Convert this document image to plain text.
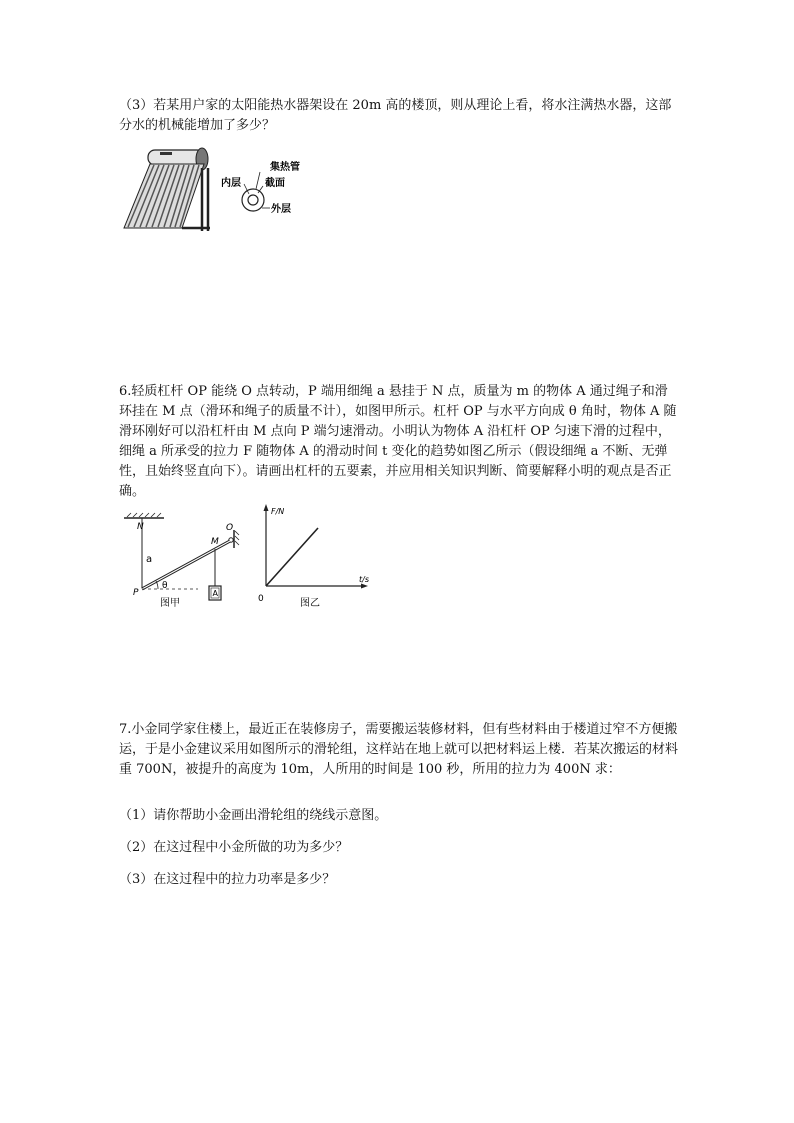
（3）若某用户家的太阳能热水器架设在 20m 高的楼顶，则从理论上看，将水注满热水器，这部分水的机械能增加了多少？

集热管
截面
内层
外层

6.轻质杠杆 OP 能绕 O 点转动，P 端用细绳 a 悬挂于 N 点，质量为 m 的物体 A 通过绳子和滑环挂在 M 点（滑环和绳子的质量不计），如图甲所示。杠杆 OP 与水平方向成 θ 角时，物体 A 随滑环刚好可以沿杠杆由 M 点向 P 端匀速滑动。小明认为物体 A 沿杠杆 OP 匀速下滑的过程中，细绳 a 所承受的拉力 F 随物体 A 的滑动时间 t 变化的趋势如图乙所示（假设细绳 a 不断、无弹性，且始终竖直向下）。请画出杠杆的五要素，并应用相关知识判断、简要解释小明的观点是否正确。

N	O
M
P
a
θ
A
图甲
F/N
t/s
0	图乙

7.小金同学家住楼上，最近正在装修房子，需要搬运装修材料，但有些材料由于楼道过窄不方便搬运，于是小金建议采用如图所示的滑轮组，这样站在地上就可以把材料运上楼．若某次搬运的材料重 700N，被提升的高度为 10m，人所用的时间是 100 秒，所用的拉力为 400N 求：

（1）请你帮助小金画出滑轮组的绕线示意图。

（2）在这过程中小金所做的功为多少？

（3）在这过程中的拉力功率是多少？
